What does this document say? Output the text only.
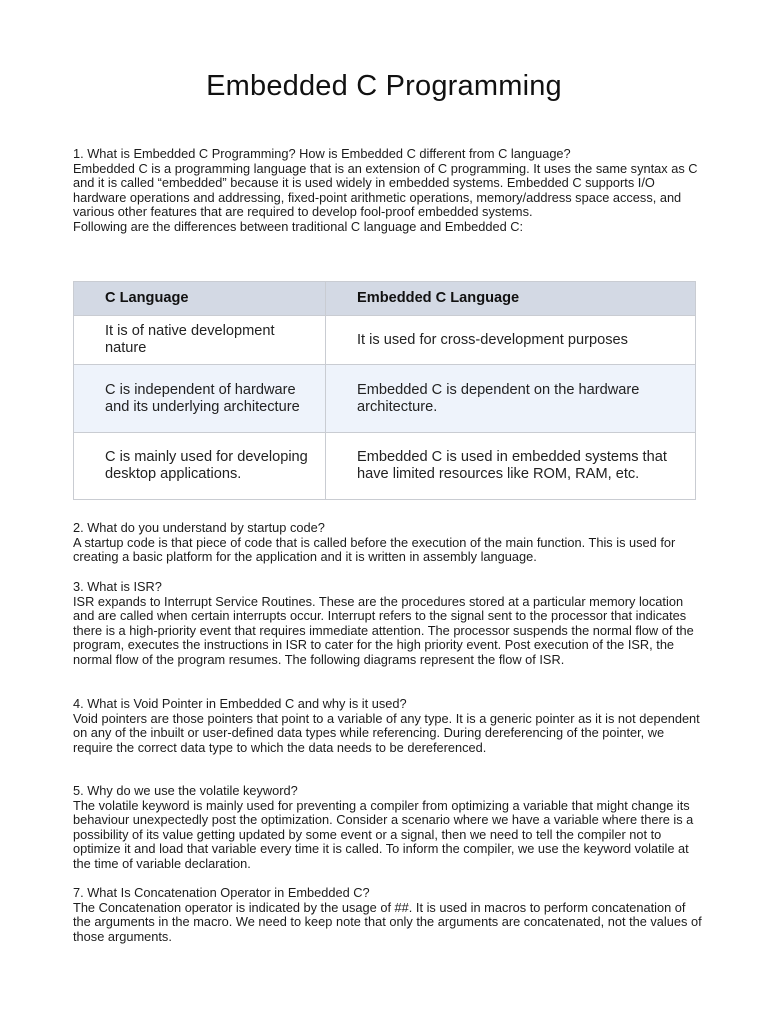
Embedded C Programming

1. What is Embedded C Programming? How is Embedded C different from C language?

Embedded C is a programming language that is an extension of C programming. It uses the same syntax as C and it is called “embedded” because it is used widely in embedded systems. Embedded C supports I/O hardware operations and addressing, fixed-point arithmetic operations, memory/address space access, and various other features that are required to develop fool-proof embedded systems.

Following are the differences between traditional C language and Embedded C:

C Language	Embedded C Language
It is of native development nature	It is used for cross-development purposes
C is independent of hardware and its underlying architecture	Embedded C is dependent on the hardware architecture.
C is mainly used for developing desktop applications.	Embedded C is used in embedded systems that have limited resources like ROM, RAM, etc.

2. What do you understand by startup code?

A startup code is that piece of code that is called before the execution of the main function. This is used for creating a basic platform for the application and it is written in assembly language.

3. What is ISR?

ISR expands to Interrupt Service Routines. These are the procedures stored at a particular memory location and are called when certain interrupts occur. Interrupt refers to the signal sent to the processor that indicates there is a high-priority event that requires immediate attention. The processor suspends the normal flow of the program, executes the instructions in ISR to cater for the high priority event. Post execution of the ISR, the normal flow of the program resumes. The following diagrams represent the flow of ISR.

4. What is Void Pointer in Embedded C and why is it used?

Void pointers are those pointers that point to a variable of any type. It is a generic pointer as it is not dependent on any of the inbuilt or user-defined data types while referencing. During dereferencing of the pointer, we require the correct data type to which the data needs to be dereferenced.

5. Why do we use the volatile keyword?

The volatile keyword is mainly used for preventing a compiler from optimizing a variable that might change its behaviour unexpectedly post the optimization. Consider a scenario where we have a variable where there is a possibility of its value getting updated by some event or a signal, then we need to tell the compiler not to optimize it and load that variable every time it is called. To inform the compiler, we use the keyword volatile at the time of variable declaration.

7. What Is Concatenation Operator in Embedded C?

The Concatenation operator is indicated by the usage of ##. It is used in macros to perform concatenation of the arguments in the macro. We need to keep note that only the arguments are concatenated, not the values of those arguments.
